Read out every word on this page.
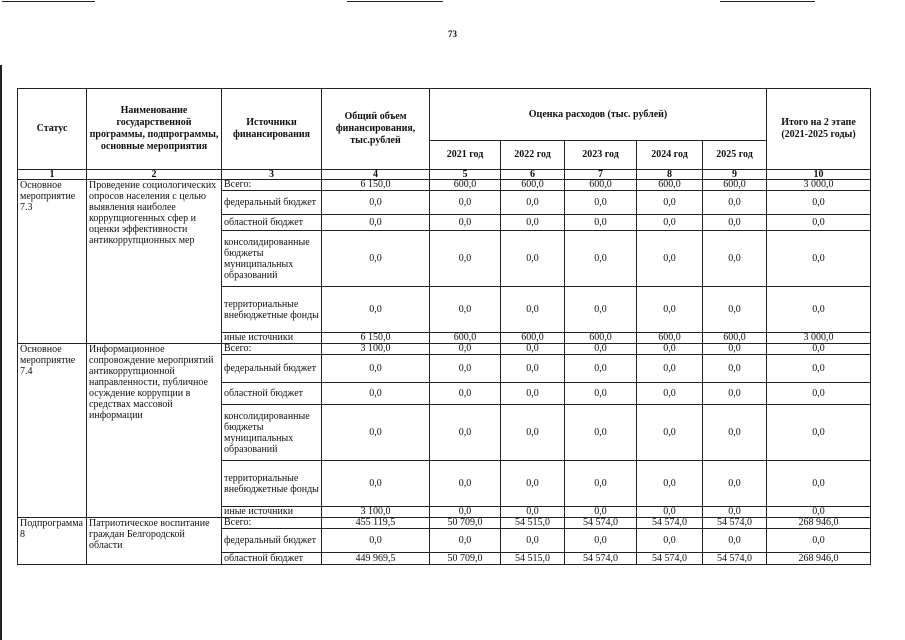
73
Статус	Наименование государственной программы, подпрограммы, основные мероприятия	Источники финансирования	Общий объем финансирования, тыс.рублей	Оценка расходов (тыс. рублей)					Итого на 2 этапе (2021-2025 годы)
				2021 год	2022 год	2023 год	2024 год	2025 год	
1	2	3	4	5	6	7	8	9	10
Основное мероприятие 7.3	Проведение социологических опросов населения с целью выявления наиболее коррупциогенных сфер и оценки эффективности антикоррупционных мер	Всего:	6 150,0	600,0	600,0	600,0	600,0	600,0	3 000,0
		федеральный бюджет	0,0	0,0	0,0	0,0	0,0	0,0	0,0
		областной бюджет	0,0	0,0	0,0	0,0	0,0	0,0	0,0
		консолидированные бюджеты муниципальных образований	0,0	0,0	0,0	0,0	0,0	0,0	0,0
		территориальные внебюджетные фонды	0,0	0,0	0,0	0,0	0,0	0,0	0,0
		иные источники	6 150,0	600,0	600,0	600,0	600,0	600,0	3 000,0
Основное мероприятие 7.4	Информационное сопровождение мероприятий антикоррупционной направленности, публичное осуждение коррупции в средствах массовой информации	Всего:	3 100,0	0,0	0,0	0,0	0,0	0,0	0,0
		федеральный бюджет	0,0	0,0	0,0	0,0	0,0	0,0	0,0
		областной бюджет	0,0	0,0	0,0	0,0	0,0	0,0	0,0
		консолидированные бюджеты муниципальных образований	0,0	0,0	0,0	0,0	0,0	0,0	0,0
		территориальные внебюджетные фонды	0,0	0,0	0,0	0,0	0,0	0,0	0,0
		иные источники	3 100,0	0,0	0,0	0,0	0,0	0,0	0,0
Подпрограмма 8	Патриотическое воспитание граждан Белгородской области	Всего:	455 119,5	50 709,0	54 515,0	54 574,0	54 574,0	54 574,0	268 946,0
		федеральный бюджет	0,0	0,0	0,0	0,0	0,0	0,0	0,0
		областной бюджет	449 969,5	50 709,0	54 515,0	54 574,0	54 574,0	54 574,0	268 946,0
